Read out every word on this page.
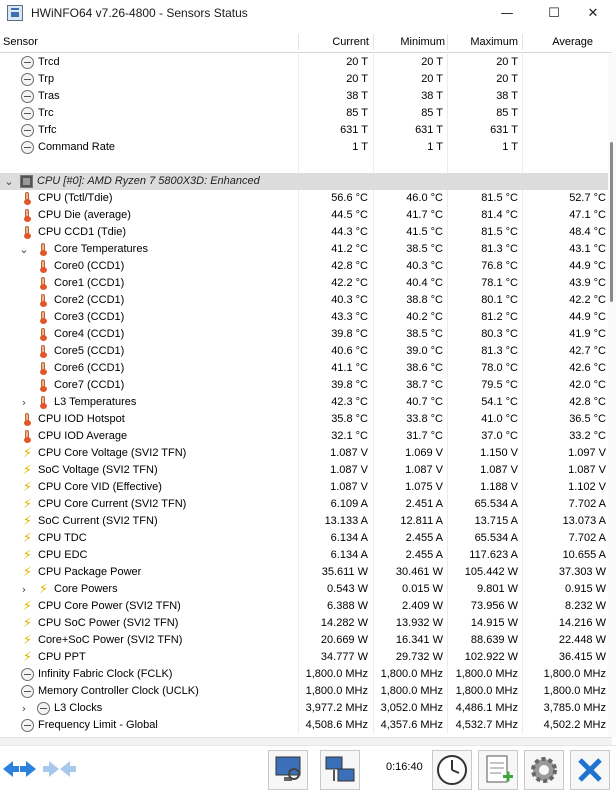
HWiNFO64 v7.26-4800 - Sensors Status	—	☐	✕
Sensor	Current	Minimum Maximum	Average
Trcd	20 T	20 T	20 T
Trp	20 T	20 T	20 T
Tras	38 T	38 T	38 T
Trc	85 T	85 T	85 T
Trfc	631 T	631 T	631 T
Command Rate	1 T	1 T	1 T
⌄ CPU [#0]: AMD Ryzen 7 5800X3D: Enhanced
CPU (Tctl/Tdie)	56.6 °C	46.0 °C	81.5 °C	52.7 °C
CPU Die (average)	44.5 °C	41.7 °C	81.4 °C	47.1 °C
CPU CCD1 (Tdie)	44.3 °C	41.5 °C	81.5 °C	48.4 °C
⌄ Core Temperatures	41.2 °C	38.5 °C	81.3 °C	43.1 °C
Core0 (CCD1)	42.8 °C	40.3 °C	76.8 °C	44.9 °C
Core1 (CCD1)	42.2 °C	40.4 °C	78.1 °C	43.9 °C
Core2 (CCD1)	40.3 °C	38.8 °C	80.1 °C	42.2 °C
Core3 (CCD1)	43.3 °C	40.2 °C	81.2 °C	44.9 °C
Core4 (CCD1)	39.8 °C	38.5 °C	80.3 °C	41.9 °C
Core5 (CCD1)	40.6 °C	39.0 °C	81.3 °C	42.7 °C
Core6 (CCD1)	41.1 °C	38.6 °C	78.0 °C	42.6 °C
Core7 (CCD1)	39.8 °C	38.7 °C	79.5 °C	42.0 °C
›	L3 Temperatures	42.3 °C	40.7 °C	54.1 °C	42.8 °C
CPU IOD Hotspot	35.8 °C	33.8 °C	41.0 °C	36.5 °C
CPU IOD Average	32.1 °C	31.7 °C	37.0 °C	33.2 °C
⚡ CPU Core Voltage (SVI2 TFN)	1.087 V	1.069 V	1.150 V	1.097 V
⚡ SoC Voltage (SVI2 TFN)	1.087 V	1.087 V	1.087 V	1.087 V
⚡ CPU Core VID (Effective)	1.087 V	1.075 V	1.188 V	1.102 V
⚡ CPU Core Current (SVI2 TFN)	6.109 A	2.451 A	65.534 A	7.702 A
⚡ SoC Current (SVI2 TFN)	13.133 A	12.811 A	13.715 A	13.073 A
⚡ CPU TDC	6.134 A	2.455 A	65.534 A	7.702 A
⚡ CPU EDC	6.134 A	2.455 A 117.623 A	10.655 A
⚡ CPU Package Power	35.611 W	30.461 W 105.442 W	37.303 W
› ⚡ Core Powers	0.543 W	0.015 W	9.801 W	0.915 W
⚡ CPU Core Power (SVI2 TFN)	6.388 W	2.409 W	73.956 W	8.232 W
⚡ CPU SoC Power (SVI2 TFN)	14.282 W	13.932 W	14.915 W	14.216 W
⚡ Core+SoC Power (SVI2 TFN)	20.669 W	16.341 W	88.639 W	22.448 W
⚡ CPU PPT	34.777 W	29.732 W 102.922 W	36.415 W
Infinity Fabric Clock (FCLK)	1,800.0 MHz 1,800.0 MHz 1,800.0 MHz 1,800.0 MHz
Memory Controller Clock (UCLK)	1,800.0 MHz 1,800.0 MHz 1,800.0 MHz 1,800.0 MHz
›	L3 Clocks	3,977.2 MHz 3,052.0 MHz 4,486.1 MHz 3,785.0 MHz
Frequency Limit - Global	4,508.6 MHz 4,357.6 MHz 4,532.7 MHz 4,502.2 MHz
0:16:40
